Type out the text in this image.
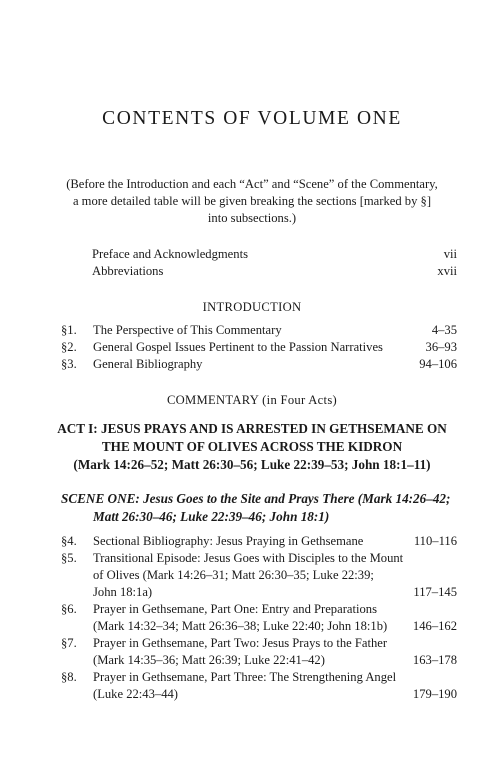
CONTENTS OF VOLUME ONE
(Before the Introduction and each “Act” and “Scene” of the Commentary,
a more detailed table will be given breaking the sections [marked by §]
into subsections.)
Preface and Acknowledgments	vii
Abbreviations	xvii
INTRODUCTION
§1. The Perspective of This Commentary	4–35
§2. General Gospel Issues Pertinent to the Passion Narratives	36–93
§3. General Bibliography	94–106
COMMENTARY (in Four Acts)
ACT I: JESUS PRAYS AND IS ARRESTED IN GETHSEMANE ON
THE MOUNT OF OLIVES ACROSS THE KIDRON
(Mark 14:26–52; Matt 26:30–56; Luke 22:39–53; John 18:1–11)
SCENE ONE: Jesus Goes to the Site and Prays There (Mark 14:26–42;
Matt 26:30–46; Luke 22:39–46; John 18:1)
§4. Sectional Bibliography: Jesus Praying in Gethsemane	110–116
§5. Transitional Episode: Jesus Goes with Disciples to the Mount
of Olives (Mark 14:26–31; Matt 26:30–35; Luke 22:39;
John 18:1a)	117–145
§6. Prayer in Gethsemane, Part One: Entry and Preparations
(Mark 14:32–34; Matt 26:36–38; Luke 22:40; John 18:1b) 146–162
§7. Prayer in Gethsemane, Part Two: Jesus Prays to the Father
(Mark 14:35–36; Matt 26:39; Luke 22:41–42)	163–178
§8. Prayer in Gethsemane, Part Three: The Strengthening Angel
(Luke 22:43–44)	179–190
